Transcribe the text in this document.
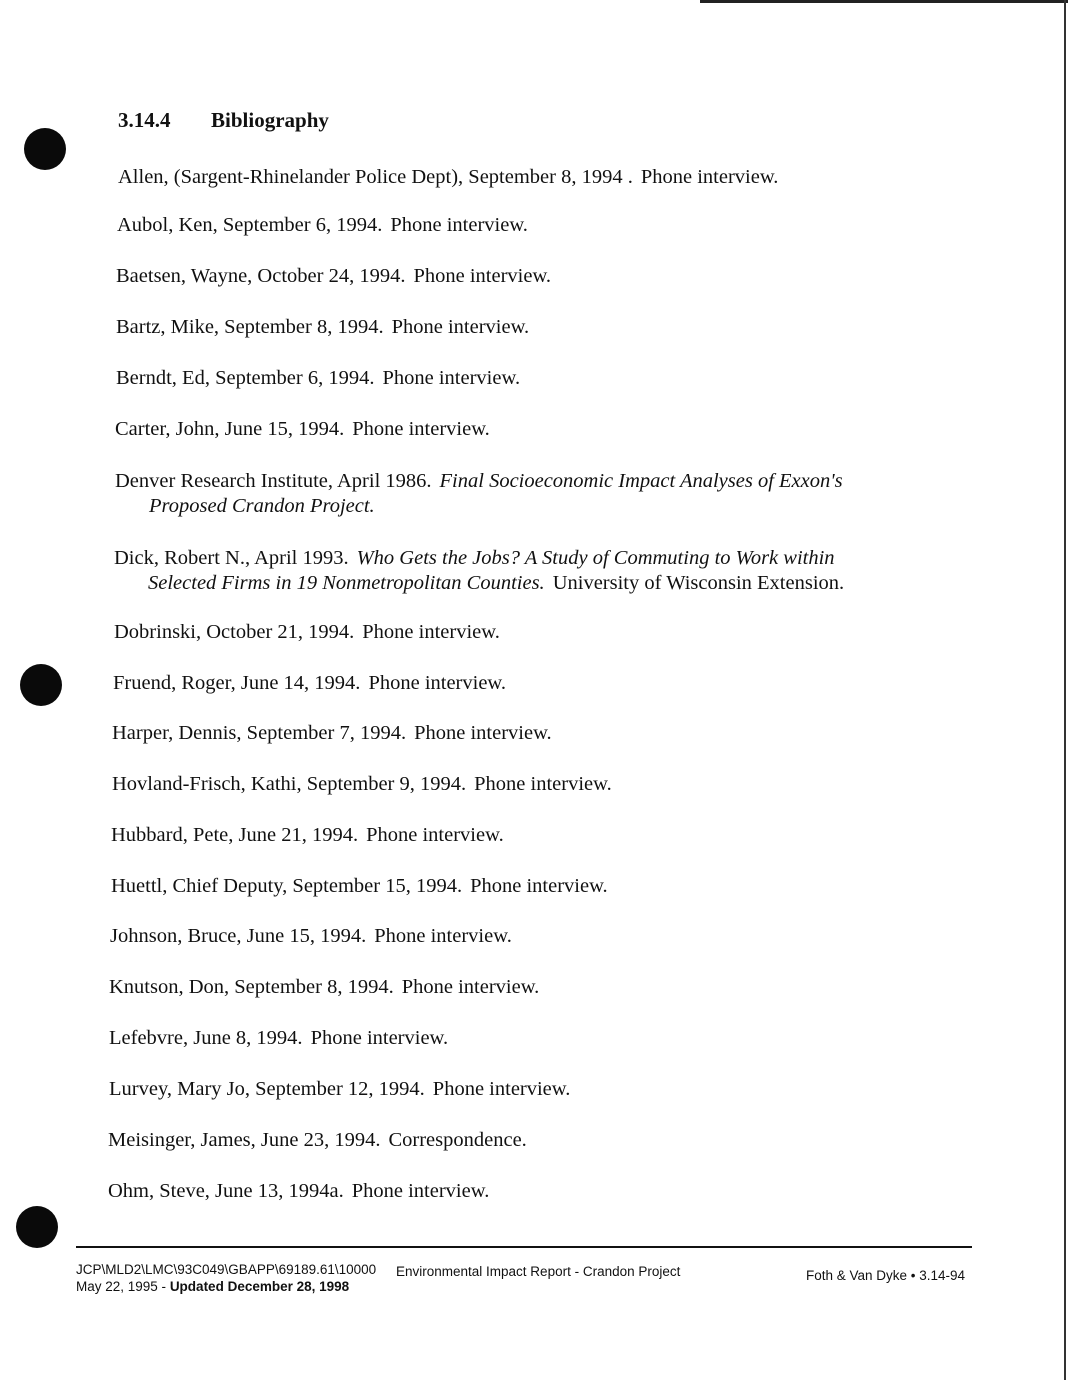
3.14.4 Bibliography
Allen, (Sargent-Rhinelander Police Dept), September 8, 1994 . Phone interview.
Aubol, Ken, September 6, 1994. Phone interview.
Baetsen, Wayne, October 24, 1994. Phone interview.
Bartz, Mike, September 8, 1994. Phone interview.
Berndt, Ed, September 6, 1994. Phone interview.
Carter, John, June 15, 1994. Phone interview.
Denver Research Institute, April 1986. Final Socioeconomic Impact Analyses of Exxon's
Proposed Crandon Project.
Dick, Robert N., April 1993. Who Gets the Jobs? A Study of Commuting to Work within
Selected Firms in 19 Nonmetropolitan Counties. University of Wisconsin Extension.
Dobrinski, October 21, 1994. Phone interview.
Fruend, Roger, June 14, 1994. Phone interview.
Harper, Dennis, September 7, 1994. Phone interview.
Hovland-Frisch, Kathi, September 9, 1994. Phone interview.
Hubbard, Pete, June 21, 1994. Phone interview.
Huettl, Chief Deputy, September 15, 1994. Phone interview.
Johnson, Bruce, June 15, 1994. Phone interview.
Knutson, Don, September 8, 1994. Phone interview.
Lefebvre, June 8, 1994. Phone interview.
Lurvey, Mary Jo, September 12, 1994. Phone interview.
Meisinger, James, June 23, 1994. Correspondence.
Ohm, Steve, June 13, 1994a. Phone interview.
JCP\MLD2\LMC\93C049\GBAPP\69189.61\10000
May 22, 1995 - Updated December 28, 1998
Environmental Impact Report - Crandon Project	Foth & Van Dyke • 3.14-94
